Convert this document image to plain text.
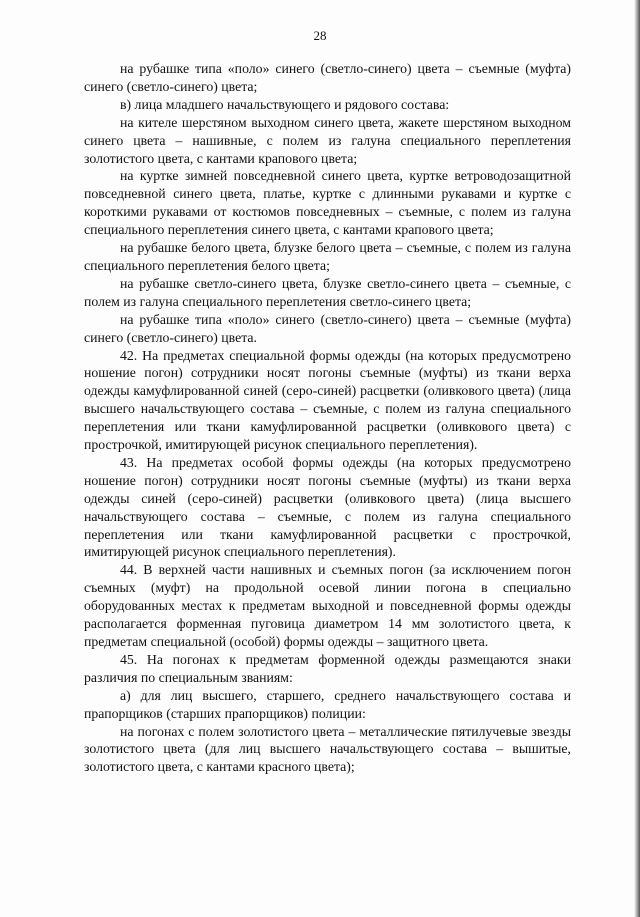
28

на рубашке типа «поло» синего (светло-синего) цвета – съемные (муфта) синего (светло-синего) цвета;

в) лица младшего начальствующего и рядового состава:

на кителе шерстяном выходном синего цвета, жакете шерстяном выходном синего цвета – нашивные, с полем из галуна специального переплетения золотистого цвета, с кантами крапового цвета;

на куртке зимней повседневной синего цвета, куртке ветроводозащитной повседневной синего цвета, платье, куртке с длинными рукавами и куртке с короткими рукавами от костюмов повседневных – съемные, с полем из галуна специального переплетения синего цвета, с кантами крапового цвета;

на рубашке белого цвета, блузке белого цвета – съемные, с полем из галуна специального переплетения белого цвета;

на рубашке светло-синего цвета, блузке светло-синего цвета – съемные, с полем из галуна специального переплетения светло-синего цвета;

на рубашке типа «поло» синего (светло-синего) цвета – съемные (муфта) синего (светло-синего) цвета.

42. На предметах специальной формы одежды (на которых предусмотрено ношение погон) сотрудники носят погоны съемные (муфты) из ткани верха одежды камуфлированной синей (серо-синей) расцветки (оливкового цвета) (лица высшего начальствующего состава – съемные, с полем из галуна специального переплетения или ткани камуфлированной расцветки (оливкового цвета) с прострочкой, имитирующей рисунок специального переплетения).

43. На предметах особой формы одежды (на которых предусмотрено ношение погон) сотрудники носят погоны съемные (муфты) из ткани верха одежды синей (серо-синей) расцветки (оливкового цвета) (лица высшего начальствующего состава – съемные, с полем из галуна специального переплетения или ткани камуфлированной расцветки с прострочкой, имитирующей рисунок специального переплетения).

44. В верхней части нашивных и съемных погон (за исключением погон съемных (муфт) на продольной осевой линии погона в специально оборудованных местах к предметам выходной и повседневной формы одежды располагается форменная пуговица диаметром 14 мм золотистого цвета, к предметам специальной (особой) формы одежды – защитного цвета.

45. На погонах к предметам форменной одежды размещаются знаки различия по специальным званиям:

а) для лиц высшего, старшего, среднего начальствующего состава и прапорщиков (старших прапорщиков) полиции:

на погонах с полем золотистого цвета – металлические пятилучевые звезды золотистого цвета (для лиц высшего начальствующего состава – вышитые, золотистого цвета, с кантами красного цвета);
